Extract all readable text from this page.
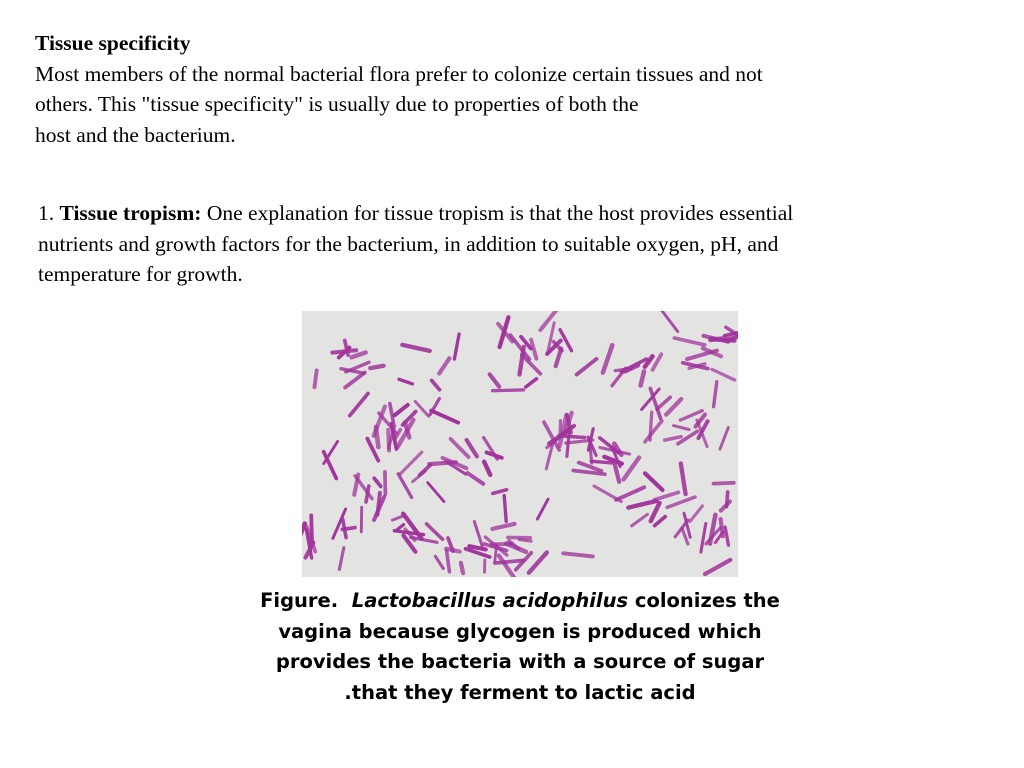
Tissue specificity
Most members of the normal bacterial flora prefer to colonize certain tissues and not
others. This "tissue specificity" is usually due to properties of both the
host and the bacterium.
1. Tissue tropism: One explanation for tissue tropism is that the host provides essential
nutrients and growth factors for the bacterium, in addition to suitable oxygen, pH, and
temperature for growth.
Figure. Lactobacillus acidophilus colonizes the
vagina because glycogen is produced which
provides the bacteria with a source of sugar
.that they ferment to lactic acid
